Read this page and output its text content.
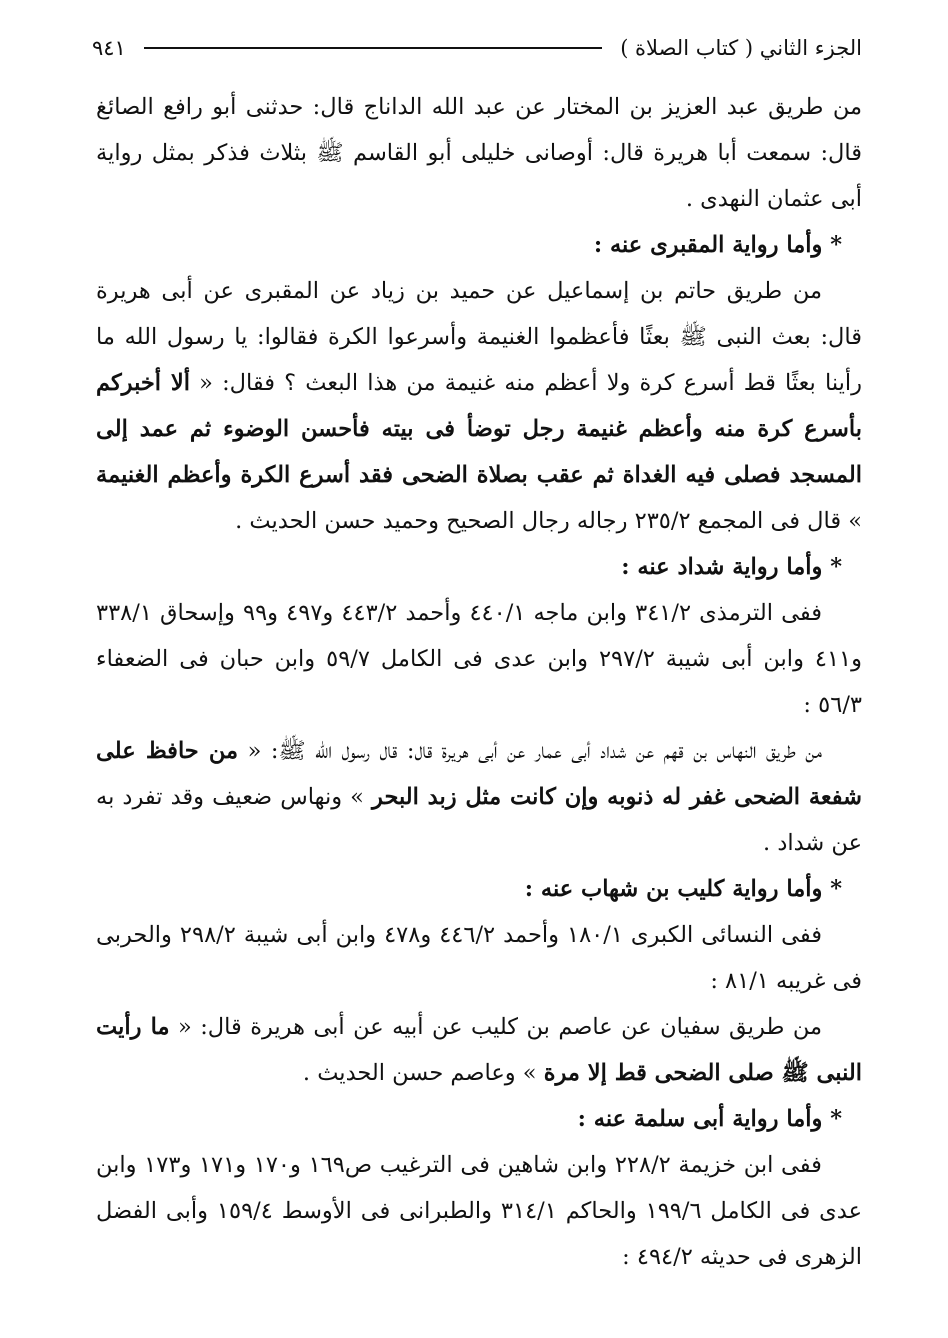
الجزء الثاني ( كتاب الصلاة )
٩٤١

من طريق عبد العزيز بن المختار عن عبد الله الداناج قال: حدثنى أبو رافع الصائغ قال: سمعت أبا هريرة قال: أوصانى خليلى أبو القاسم ﷺ بثلاث فذكر بمثل رواية أبى عثمان النهدى .

* وأما رواية المقبرى عنه :

من طريق حاتم بن إسماعيل عن حميد بن زياد عن المقبرى عن أبى هريرة قال: بعث النبى ﷺ بعثًا فأعظموا الغنيمة وأسرعوا الكرة فقالوا: يا رسول الله ما رأينا بعثًا قط أسرع كرة ولا أعظم منه غنيمة من هذا البعث ؟ فقال: « ألا أخبركم بأسرع كرة منه وأعظم غنيمة رجل توضأ فى بيته فأحسن الوضوء ثم عمد إلى المسجد فصلى فيه الغداة ثم عقب بصلاة الضحى فقد أسرع الكرة وأعظم الغنيمة » قال فى المجمع ٢٣٥/٢ رجاله رجال الصحيح وحميد حسن الحديث .

* وأما رواية شداد عنه :

ففى الترمذى ٣٤١/٢ وابن ماجه ٤٤٠/١ وأحمد ٤٤٣/٢ و٤٩٧ و٩٩ وإسحاق ٣٣٨/١ و٤١١ وابن أبى شيبة ٢٩٧/٢ وابن عدى فى الكامل ٥٩/٧ وابن حبان فى الضعفاء ٥٦/٣ :

من طريق النهاس بن قهم عن شداد أبى عمار عن أبى هريرة قال: قال رسول الله ﷺ: « من حافظ على شفعة الضحى غفر له ذنوبه وإن كانت مثل زبد البحر » ونهاس ضعيف وقد تفرد به عن شداد .

* وأما رواية كليب بن شهاب عنه :

ففى النسائى الكبرى ١٨٠/١ وأحمد ٤٤٦/٢ و٤٧٨ وابن أبى شيبة ٢٩٨/٢ والحربى فى غريبه ٨١/١ :

من طريق سفيان عن عاصم بن كليب عن أبيه عن أبى هريرة قال: « ما رأيت النبى ﷺ صلى الضحى قط إلا مرة » وعاصم حسن الحديث .

* وأما رواية أبى سلمة عنه :

ففى ابن خزيمة ٢٢٨/٢ وابن شاهين فى الترغيب ص١٦٩ و١٧٠ و١٧١ و١٧٣ وابن عدى فى الكامل ١٩٩/٦ والحاكم ٣١٤/١ والطبرانى فى الأوسط ١٥٩/٤ وأبى الفضل الزهرى فى حديثه ٤٩٤/٢ :
